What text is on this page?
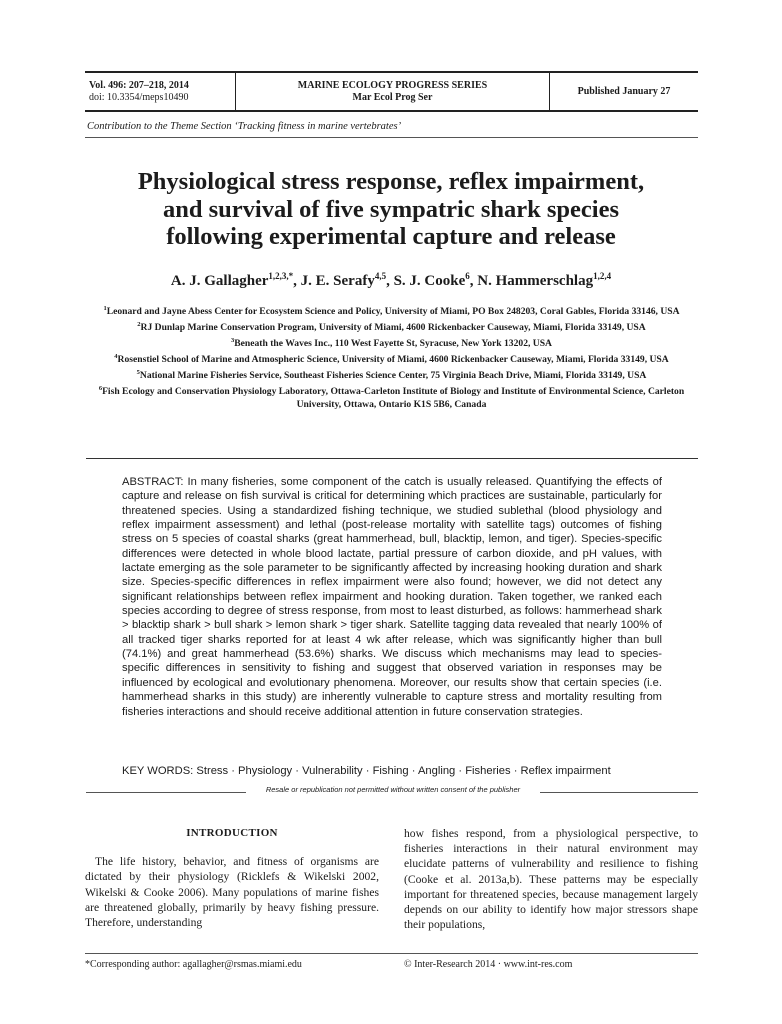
Vol. 496: 207–218, 2014
doi: 10.3354/meps10490
MARINE ECOLOGY PROGRESS SERIES
Mar Ecol Prog Ser
Published January 27
Contribution to the Theme Section ‘Tracking fitness in marine vertebrates’
Physiological stress response, reflex impairment,
and survival of five sympatric shark species
following experimental capture and release

A. J. Gallagher$^{1,2,3,*}$, J. E. Serafy$^{4,5}$, S. J. Cooke$^6$, N. Hammerschlag$^{1,2,4}$

$^1$Leonard and Jayne Abess Center for Ecosystem Science and Policy, University of Miami, PO Box 248203, Coral Gables, Florida 33146, USA
$^2$RJ Dunlap Marine Conservation Program, University of Miami, 4600 Rickenbacker Causeway, Miami, Florida 33149, USA
$^3$Beneath the Waves Inc., 110 West Fayette St, Syracuse, New York 13202, USA
$^4$Rosenstiel School of Marine and Atmospheric Science, University of Miami, 4600 Rickenbacker Causeway, Miami, Florida 33149, USA
$^5$National Marine Fisheries Service, Southeast Fisheries Science Center, 75 Virginia Beach Drive, Miami, Florida 33149, USA
$^6$Fish Ecology and Conservation Physiology Laboratory, Ottawa-Carleton Institute of Biology and Institute of Environmental Science, Carleton University, Ottawa, Ontario K1S 5B6, Canada

ABSTRACT: In many fisheries, some component of the catch is usually released. Quantifying the effects of capture and release on fish survival is critical for determining which practices are sustainable, particularly for threatened species. Using a standardized fishing technique, we studied sublethal (blood physiology and reflex impairment assessment) and lethal (post-release mortality with satellite tags) outcomes of fishing stress on 5 species of coastal sharks (great hammerhead, bull, blacktip, lemon, and tiger). Species-specific differences were detected in whole blood lactate, partial pressure of carbon dioxide, and pH values, with lactate emerging as the sole parameter to be significantly affected by increasing hooking duration and shark size. Species-specific differences in reflex impairment were also found; however, we did not detect any significant relationships between reflex impairment and hooking duration. Taken together, we ranked each species according to degree of stress response, from most to least disturbed, as follows: hammerhead shark > blacktip shark > bull shark > lemon shark > tiger shark. Satellite tagging data revealed that nearly 100% of all tracked tiger sharks reported for at least 4 wk after release, which was significantly higher than bull (74.1%) and great hammerhead (53.6%) sharks. We discuss which mechanisms may lead to species-specific differences in sensitivity to fishing and suggest that observed variation in responses may be influenced by ecological and evolutionary phenomena. Moreover, our results show that certain species (i.e. hammerhead sharks in this study) are inherently vulnerable to capture stress and mortality resulting from fisheries interactions and should receive additional attention in future conservation strategies.

KEY WORDS: Stress · Physiology · Vulnerability · Fishing · Angling · Fisheries · Reflex impairment

Resale or republication not permitted without written consent of the publisher

INTRODUCTION

The life history, behavior, and fitness of organisms are dictated by their physiology (Ricklefs & Wikelski 2002, Wikelski & Cooke 2006). Many populations of marine fishes are threatened globally, primarily by heavy fishing pressure. Therefore, understanding

how fishes respond, from a physiological perspective, to fisheries interactions in their natural environment may elucidate patterns of vulnerability and resilience to fishing (Cooke et al. 2013a,b). These patterns may be especially important for threatened species, because management largely depends on our ability to identify how major stressors shape their populations,

*Corresponding author: agallagher@rsmas.miami.edu	© Inter-Research 2014 · www.int-res.com
